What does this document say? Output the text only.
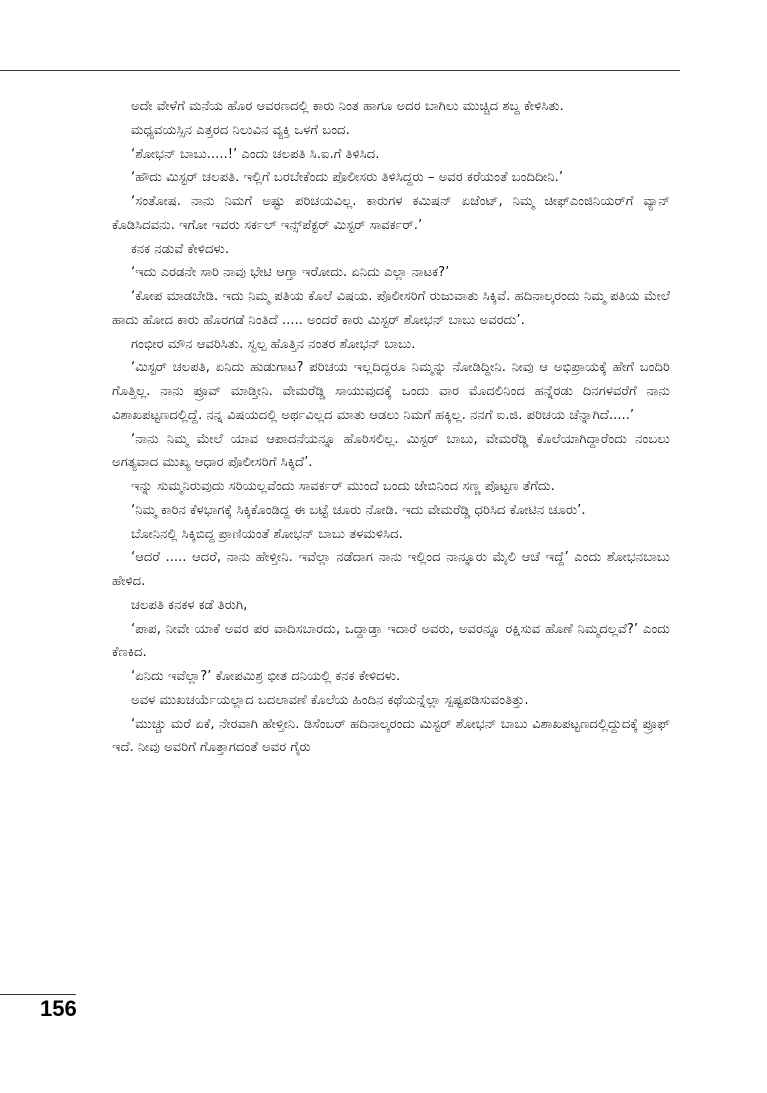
ಅದೇ ವೇಳೆಗೆ ಮನೆಯ ಹೊರ ಆವರಣದಲ್ಲಿ ಕಾರು ನಿಂತ ಹಾಗೂ ಅದರ ಬಾಗಿಲು ಮುಚ್ಚಿದ ಶಬ್ದ ಕೇಳಿಸಿತು.

ಮಧ್ಯವಯಸ್ಸಿನ ಎತ್ತರದ ನಿಲುವಿನ ವ್ಯಕ್ತಿ ಒಳಗೆ ಬಂದ.

‘ಶೋಭನ್ ಬಾಬು.....!’ ಎಂದು ಚಲಪತಿ ಸಿ.ಐ.ಗೆ ತಿಳಿಸಿದ.

‘ಹೌದು ಮಿಸ್ಟರ್ ಚಲಪತಿ. ಇಲ್ಲಿಗೆ ಬರಬೇಕೆಂದು ಪೊಲೀಸರು ತಿಳಿಸಿದ್ದರು – ಅವರ ಕರೆಯಂತೆ ಬಂದಿದೀನಿ.’

‘ಸಂತೋಷ. ನಾನು ನಿಮಗೆ ಅಷ್ಟು ಪರಿಚಯವಿಲ್ಲ. ಕಾರುಗಳ ಕಮಿಷನ್ ಏಜೆಂಟ್, ನಿಮ್ಮ ಚೀಫ್‌ಎಂಜಿನಿಯರ್‌ಗೆ ವ್ಯಾನ್ ಕೊಡಿಸಿದವನು. ಇಗೋ ಇವರು ಸರ್ಕಲ್ ಇನ್ಸ್‌ಪೆಕ್ಟರ್ ಮಿಸ್ಟರ್ ಸಾವರ್ಕರ್.’

ಕನಕ ನಡುವೆ ಕೇಳಿದಳು.

‘ಇದು ಎರಡನೇ ಸಾರಿ ನಾವು ಭೇಟಿ ಆಗ್ತಾ ಇರೋದು. ಏನಿದು ಎಲ್ಲಾ ನಾಟಕ?’

‘ಕೋಪ ಮಾಡಬೇಡಿ. ಇದು ನಿಮ್ಮ ಪತಿಯ ಕೊಲೆ ವಿಷಯ. ಪೊಲೀಸರಿಗೆ ರುಜುವಾತು ಸಿಕ್ಕಿವೆ. ಹದಿನಾಲ್ಕರಂದು ನಿಮ್ಮ ಪತಿಯ ಮೇಲೆ ಹಾದು ಹೋದ ಕಾರು ಹೊರಗಡೆ ನಿಂತಿದೆ ..... ಅಂದರೆ ಕಾರು ಮಿಸ್ಟರ್ ಶೋಭನ್ ಬಾಬು ಅವರದು’.

ಗಂಭೀರ ಮೌನ ಆವರಿಸಿತು. ಸ್ವಲ್ಪ ಹೊತ್ತಿನ ನಂತರ ಶೋಭನ್ ಬಾಬು.

‘ಮಿಸ್ಟರ್ ಚಲಪತಿ, ಏನಿದು ಹುಡುಗಾಟ? ಪರಿಚಯ ಇಲ್ಲದಿದ್ದರೂ ನಿಮ್ಮನ್ನು ನೋಡಿದ್ದೀನಿ. ನೀವು ಆ ಅಭಿಪ್ರಾಯಕ್ಕೆ ಹೇಗೆ ಬಂದಿರಿ ಗೊತ್ತಿಲ್ಲ. ನಾನು ಪ್ರೂವ್ ಮಾಡ್ತೀನಿ. ವೇಮರೆಡ್ಡಿ ಸಾಯುವುದಕ್ಕೆ ಒಂದು ವಾರ ಮೊದಲಿನಿಂದ ಹನ್ನೆರಡು ದಿನಗಳವರೆಗೆ ನಾನು ವಿಶಾಖಪಟ್ಟಣದಲ್ಲಿದ್ದೆ. ನನ್ನ ವಿಷಯದಲ್ಲಿ ಅರ್ಥವಿಲ್ಲದ ಮಾತು ಆಡಲು ನಿಮಗೆ ಹಕ್ಕಿಲ್ಲ. ನನಗೆ ಐ.ಜಿ. ಪರಿಚಯ ಚೆನ್ನಾಗಿದೆ.....’

‘ನಾನು ನಿಮ್ಮ ಮೇಲೆ ಯಾವ ಆಪಾದನೆಯನ್ನೂ ಹೊರಿಸಲಿಲ್ಲ. ಮಿಸ್ಟರ್ ಬಾಬು, ವೇಮರೆಡ್ಡಿ ಕೊಲೆಯಾಗಿದ್ದಾರೆಂದು ನಂಬಲು ಅಗತ್ಯವಾದ ಮುಖ್ಯ ಆಧಾರ ಪೊಲೀಸರಿಗೆ ಸಿಕ್ಕಿದೆ’.

ಇನ್ನು ಸುಮ್ಮನಿರುವುದು ಸರಿಯಲ್ಲವೆಂದು ಸಾವರ್ಕರ್ ಮುಂದೆ ಬಂದು ಜೇಬಿನಿಂದ ಸಣ್ಣ ಪೊಟ್ಟಣ ತೆಗೆದು.

‘ನಿಮ್ಮ ಕಾರಿನ ಕೆಳಭಾಗಕ್ಕೆ ಸಿಕ್ಕಿಕೊಂಡಿದ್ದ ಈ ಬಟ್ಟೆ ಚೂರು ನೋಡಿ. ಇದು ವೇಮರೆಡ್ಡಿ ಧರಿಸಿದ ಕೋಟಿನ ಚೂರು’.

ಬೋನಿನಲ್ಲಿ ಸಿಕ್ಕಿಬಿದ್ದ ಪ್ರಾಣಿಯಂತೆ ಶೋಭನ್ ಬಾಬು ತಳಮಳಿಸಿದ.

‘ಆದರೆ ..... ಆದರೆ, ನಾನು ಹೇಳ್ತೀನಿ. ಇವೆಲ್ಲಾ ನಡೆದಾಗ ನಾನು ಇಲ್ಲಿಂದ ನಾನ್ನೂರು ಮೈಲಿ ಆಚೆ ಇದ್ದೆ’ ಎಂದು ಶೋಭನಬಾಬು ಹೇಳಿದ.

ಚಲಪತಿ ಕನಕಳ ಕಡೆ ತಿರುಗಿ,

‘ಪಾಪ, ನೀವೇ ಯಾಕೆ ಅವರ ಪರ ವಾದಿಸಬಾರದು, ಒದ್ದಾಡ್ತಾ ಇದಾರೆ ಅವರು, ಅವರನ್ನೂ ರಕ್ಷಿಸುವ ಹೊಣೆ ನಿಮ್ಮದಲ್ಲವೆ?’ ಎಂದು ಕೆಣಕಿದ.

‘ಏನಿದು ಇವೆಲ್ಲಾ?’ ಕೋಪಮಿಶ್ರ ಭೀತ ದನಿಯಲ್ಲಿ ಕನಕ ಕೇಳಿದಳು.

ಅವಳ ಮುಖಚರ್ಯೆಯಲ್ಲಾದ ಬದಲಾವಣೆ ಕೊಲೆಯ ಹಿಂದಿನ ಕಥೆಯನ್ನೆಲ್ಲಾ ಸ್ಪಷ್ಟಪಡಿಸುವಂತಿತ್ತು.

‘ಮುಚ್ಚು ಮರೆ ಏಕೆ, ನೇರವಾಗಿ ಹೇಳ್ತೀನಿ. ಡಿಸೆಂಬರ್ ಹದಿನಾಲ್ಕರಂದು ಮಿಸ್ಟರ್ ಶೋಭನ್ ಬಾಬು ವಿಶಾಖಪಟ್ಟಣದಲ್ಲಿದ್ದುದಕ್ಕೆ ಪ್ರೂಫ್ ಇದೆ. ನೀವು ಅವರಿಗೆ ಗೊತ್ತಾಗದಂತೆ ಅವರ ಗೈರು

156
